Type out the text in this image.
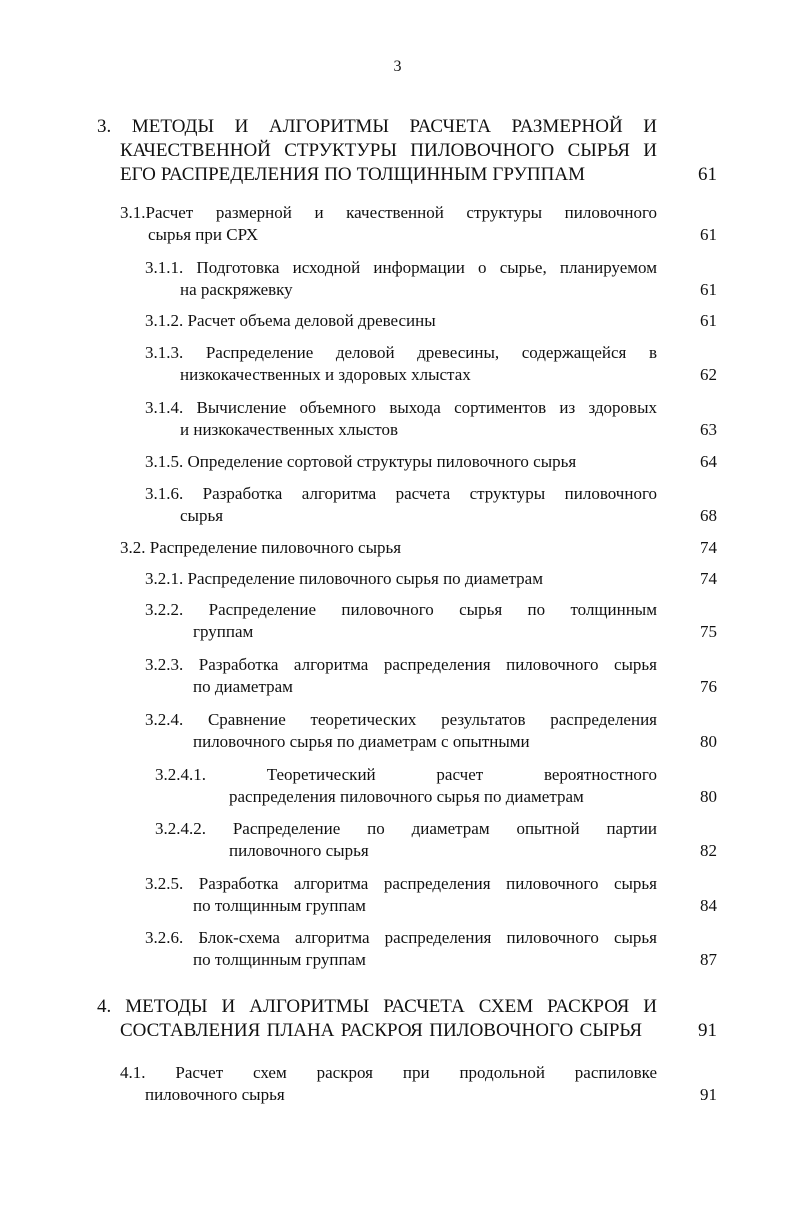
3
3. МЕТОДЫ И АЛГОРИТМЫ РАСЧЕТА РАЗМЕРНОЙ И
КАЧЕСТВЕННОЙ СТРУКТУРЫ ПИЛОВОЧНОГО СЫРЬЯ И
ЕГО РАСПРЕДЕЛЕНИЯ ПО ТОЛЩИННЫМ ГРУППАМ	61
3.1.Расчет размерной и качественной структуры пиловочного
сырья при СРХ	61
3.1.1. Подготовка исходной информации о сырье, планируемом
на раскряжевку	61
3.1.2. Расчет объема деловой древесины	61
3.1.3. Распределение деловой древесины, содержащейся в
низкокачественных и здоровых хлыстах	62
3.1.4. Вычисление объемного выхода сортиментов из здоровых
и низкокачественных хлыстов	63
3.1.5. Определение сортовой структуры пиловочного сырья	64
3.1.6. Разработка алгоритма расчета структуры пиловочного
сырья	68
3.2. Распределение пиловочного сырья	74
3.2.1. Распределение пиловочного сырья по диаметрам	74
3.2.2. Распределение пиловочного сырья по толщинным
группам	75
3.2.3. Разработка алгоритма распределения пиловочного сырья
по диаметрам	76
3.2.4. Сравнение теоретических результатов распределения
пиловочного сырья по диаметрам с опытными	80
3.2.4.1. Теоретический расчет вероятностного
распределения пиловочного сырья по диаметрам	80
3.2.4.2. Распределение по диаметрам опытной партии
пиловочного сырья	82
3.2.5. Разработка алгоритма распределения пиловочного сырья
по толщинным группам	84
3.2.6. Блок-схема алгоритма распределения пиловочного сырья
по толщинным группам	87
4. МЕТОДЫ И АЛГОРИТМЫ РАСЧЕТА СХЕМ РАСКРОЯ И
СОСТАВЛЕНИЯ ПЛАНА РАСКРОЯ ПИЛОВОЧНОГО СЫРЬЯ	91
4.1. Расчет схем раскроя при продольной распиловке
пиловочного сырья	91
